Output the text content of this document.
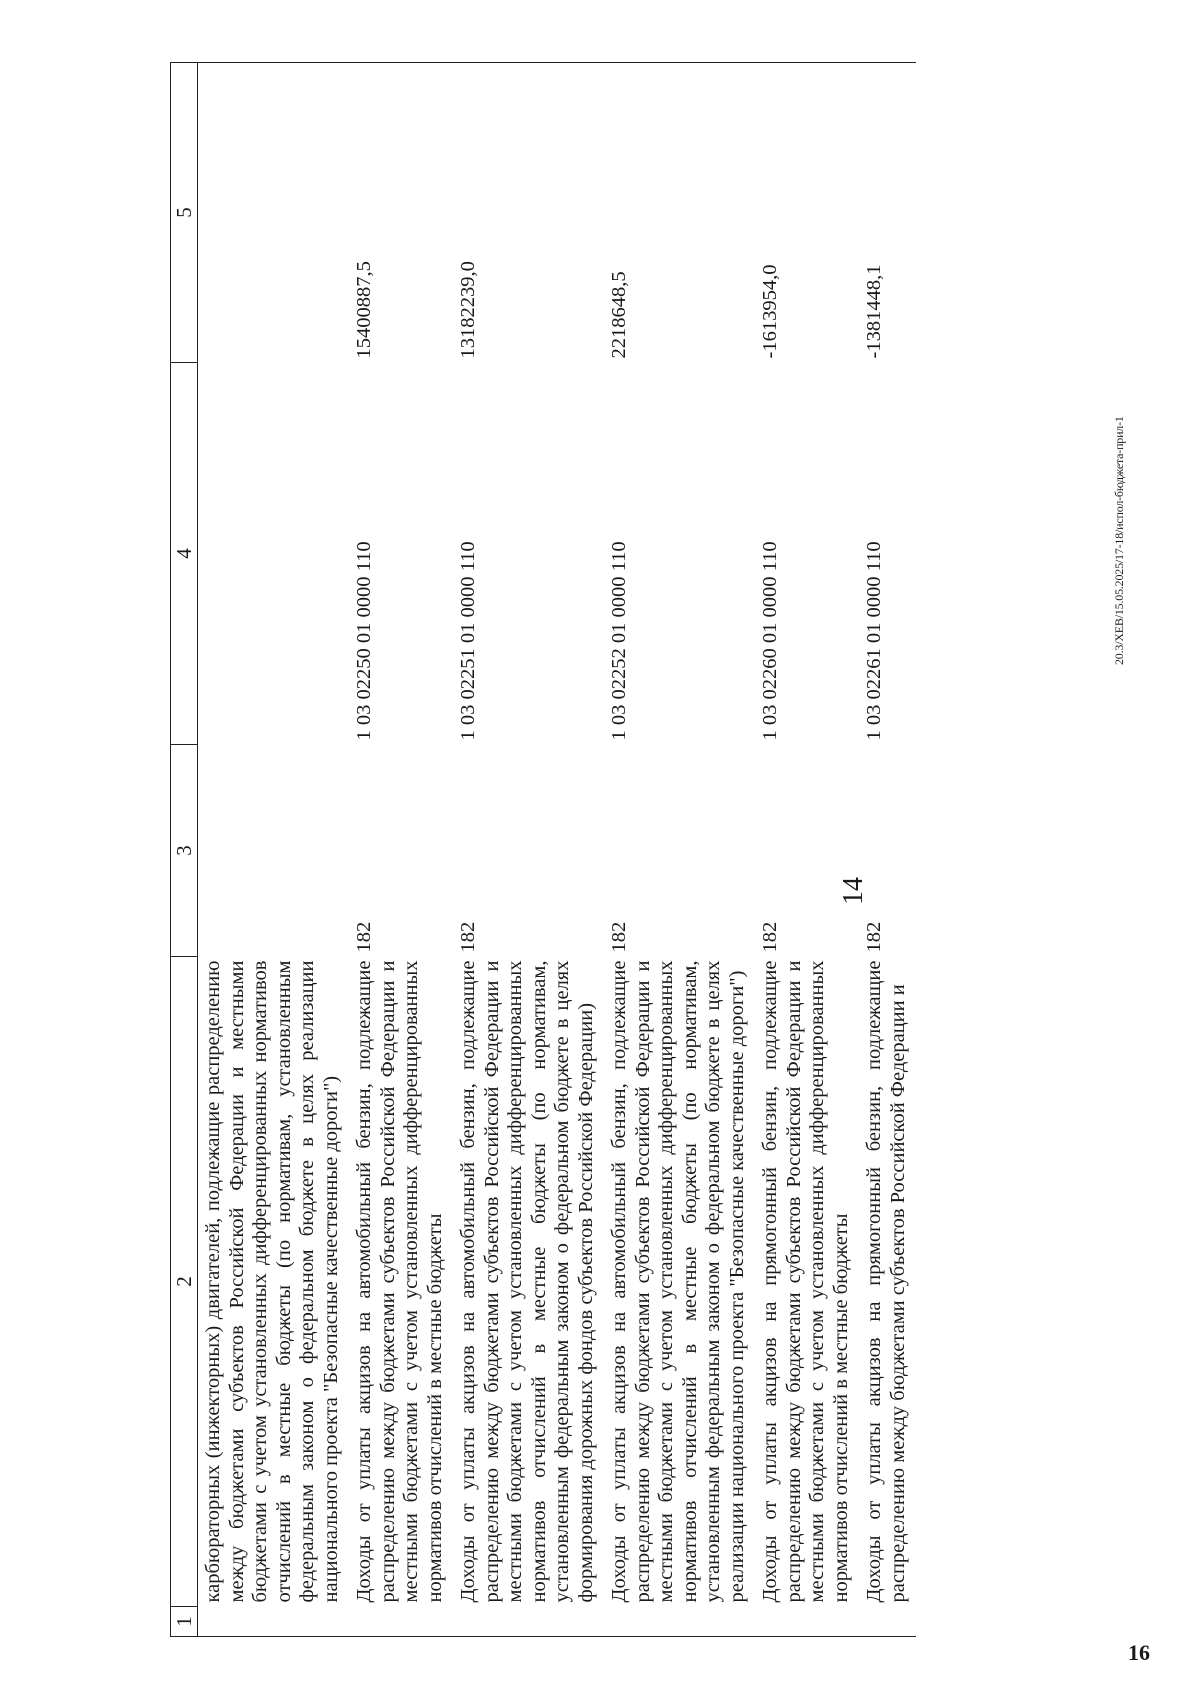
14
1	2	3	4	5
	карбюраторных (инжекторных) двигателей, подлежащие распределению между бюджетами субъектов Российской Федерации и местными бюджетами с учетом установленных дифференцированных нормативов отчислений в местные бюджеты (по нормативам, установленным федеральным законом о федеральном бюджете в целях реализации национального проекта "Безопасные качественные дороги")			
	Доходы от уплаты акцизов на автомобильный бензин, подлежащие распределению между бюджетами субъектов Российской Федерации и местными бюджетами с учетом установленных дифференцированных нормативов отчислений в местные бюджеты	182	1 03 02250 01 0000 110	15400887,5
	Доходы от уплаты акцизов на автомобильный бензин, подлежащие распределению между бюджетами субъектов Российской Федерации и местными бюджетами с учетом установленных дифференцированных нормативов отчислений в местные бюджеты (по нормативам, установленным федеральным законом о федеральном бюджете в целях формирования дорожных фондов субъектов Российской Федерации)	182	1 03 02251 01 0000 110	13182239,0
	Доходы от уплаты акцизов на автомобильный бензин, подлежащие распределению между бюджетами субъектов Российской Федерации и местными бюджетами с учетом установленных дифференцированных нормативов отчислений в местные бюджеты (по нормативам, установленным федеральным законом о федеральном бюджете в целях реализации национального проекта "Безопасные качественные дороги")	182	1 03 02252 01 0000 110	2218648,5
	Доходы от уплаты акцизов на прямогонный бензин, подлежащие распределению между бюджетами субъектов Российской Федерации и местными бюджетами с учетом установленных дифференцированных нормативов отчислений в местные бюджеты	182	1 03 02260 01 0000 110	-1613954,0
	Доходы от уплаты акцизов на прямогонный бензин, подлежащие распределению между бюджетами субъектов Российской Федерации и	182	1 03 02261 01 0000 110	-1381448,1
20.3/XEB/15.05.2025/17-18/испол-бюджета-прил-1
16
